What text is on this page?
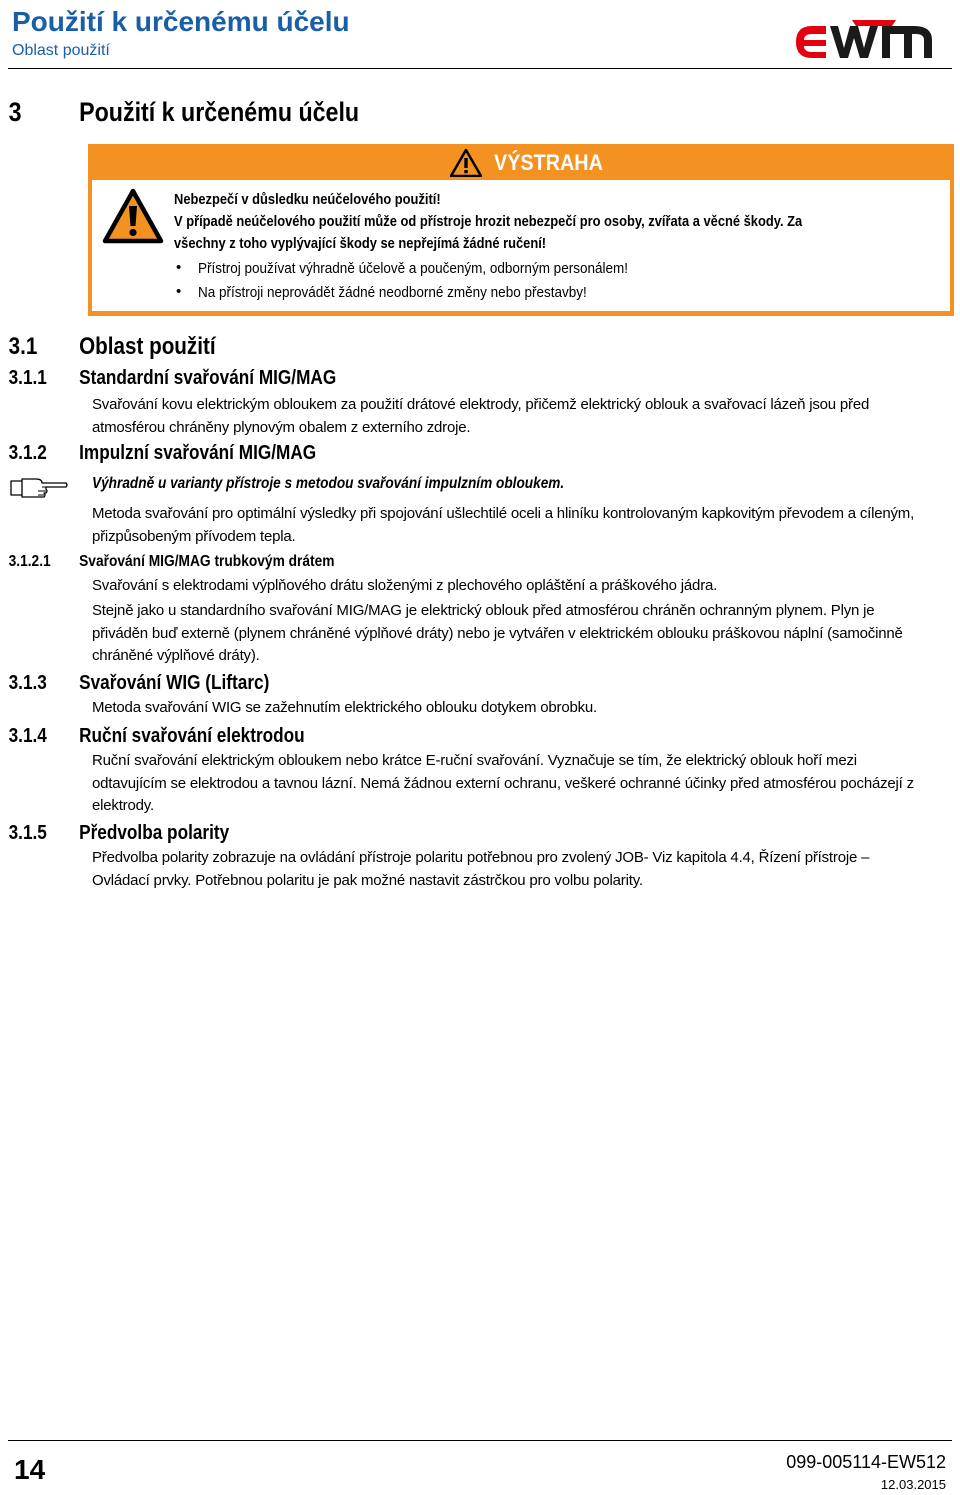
Použití k určenému účelu
Oblast použití
ewm
3 Použití k určenému účelu
VÝSTRAHA
Nebezpečí v důsledku neúčelového použití!
V případě neúčelového použití může od přístroje hrozit nebezpečí pro osoby, zvířata a věcné škody. Za
všechny z toho vyplývající škody se nepřejímá žádné ručení!
• Přístroj používat výhradně účelově a poučeným, odborným personálem!
• Na přístroji neprovádět žádné neodborné změny nebo přestavby!
3.1 Oblast použití
3.1.1 Standardní svařování MIG/MAG
Svařování kovu elektrickým obloukem za použití drátové elektrody, přičemž elektrický oblouk a svařovací lázeň jsou před
atmosférou chráněny plynovým obalem z externího zdroje.
3.1.2 Impulzní svařování MIG/MAG
Výhradně u varianty přístroje s metodou svařování impulzním obloukem.
Metoda svařování pro optimální výsledky při spojování ušlechtilé oceli a hliníku kontrolovaným kapkovitým převodem a cíleným,
přizpůsobeným přívodem tepla.
3.1.2.1 Svařování MIG/MAG trubkovým drátem
Svařování s elektrodami výplňového drátu složenými z plechového opláštění a práškového jádra.
Stejně jako u standardního svařování MIG/MAG je elektrický oblouk před atmosférou chráněn ochranným plynem. Plyn je
přiváděn buď externě (plynem chráněné výplňové dráty) nebo je vytvářen v elektrickém oblouku práškovou náplní (samočinně
chráněné výplňové dráty).
3.1.3 Svařování WIG (Liftarc)
Metoda svařování WIG se zažehnutím elektrického oblouku dotykem obrobku.
3.1.4 Ruční svařování elektrodou
Ruční svařování elektrickým obloukem nebo krátce E-ruční svařování. Vyznačuje se tím, že elektrický oblouk hoří mezi
odtavujícím se elektrodou a tavnou lázní. Nemá žádnou externí ochranu, veškeré ochranné účinky před atmosférou pocházejí z
elektrody.
3.1.5 Předvolba polarity
Předvolba polarity zobrazuje na ovládání přístroje polaritu potřebnou pro zvolený JOB- Viz kapitola 4.4, Řízení přístroje –
Ovládací prvky. Potřebnou polaritu je pak možné nastavit zástrčkou pro volbu polarity.
14	099-005114-EW512
12.03.2015
